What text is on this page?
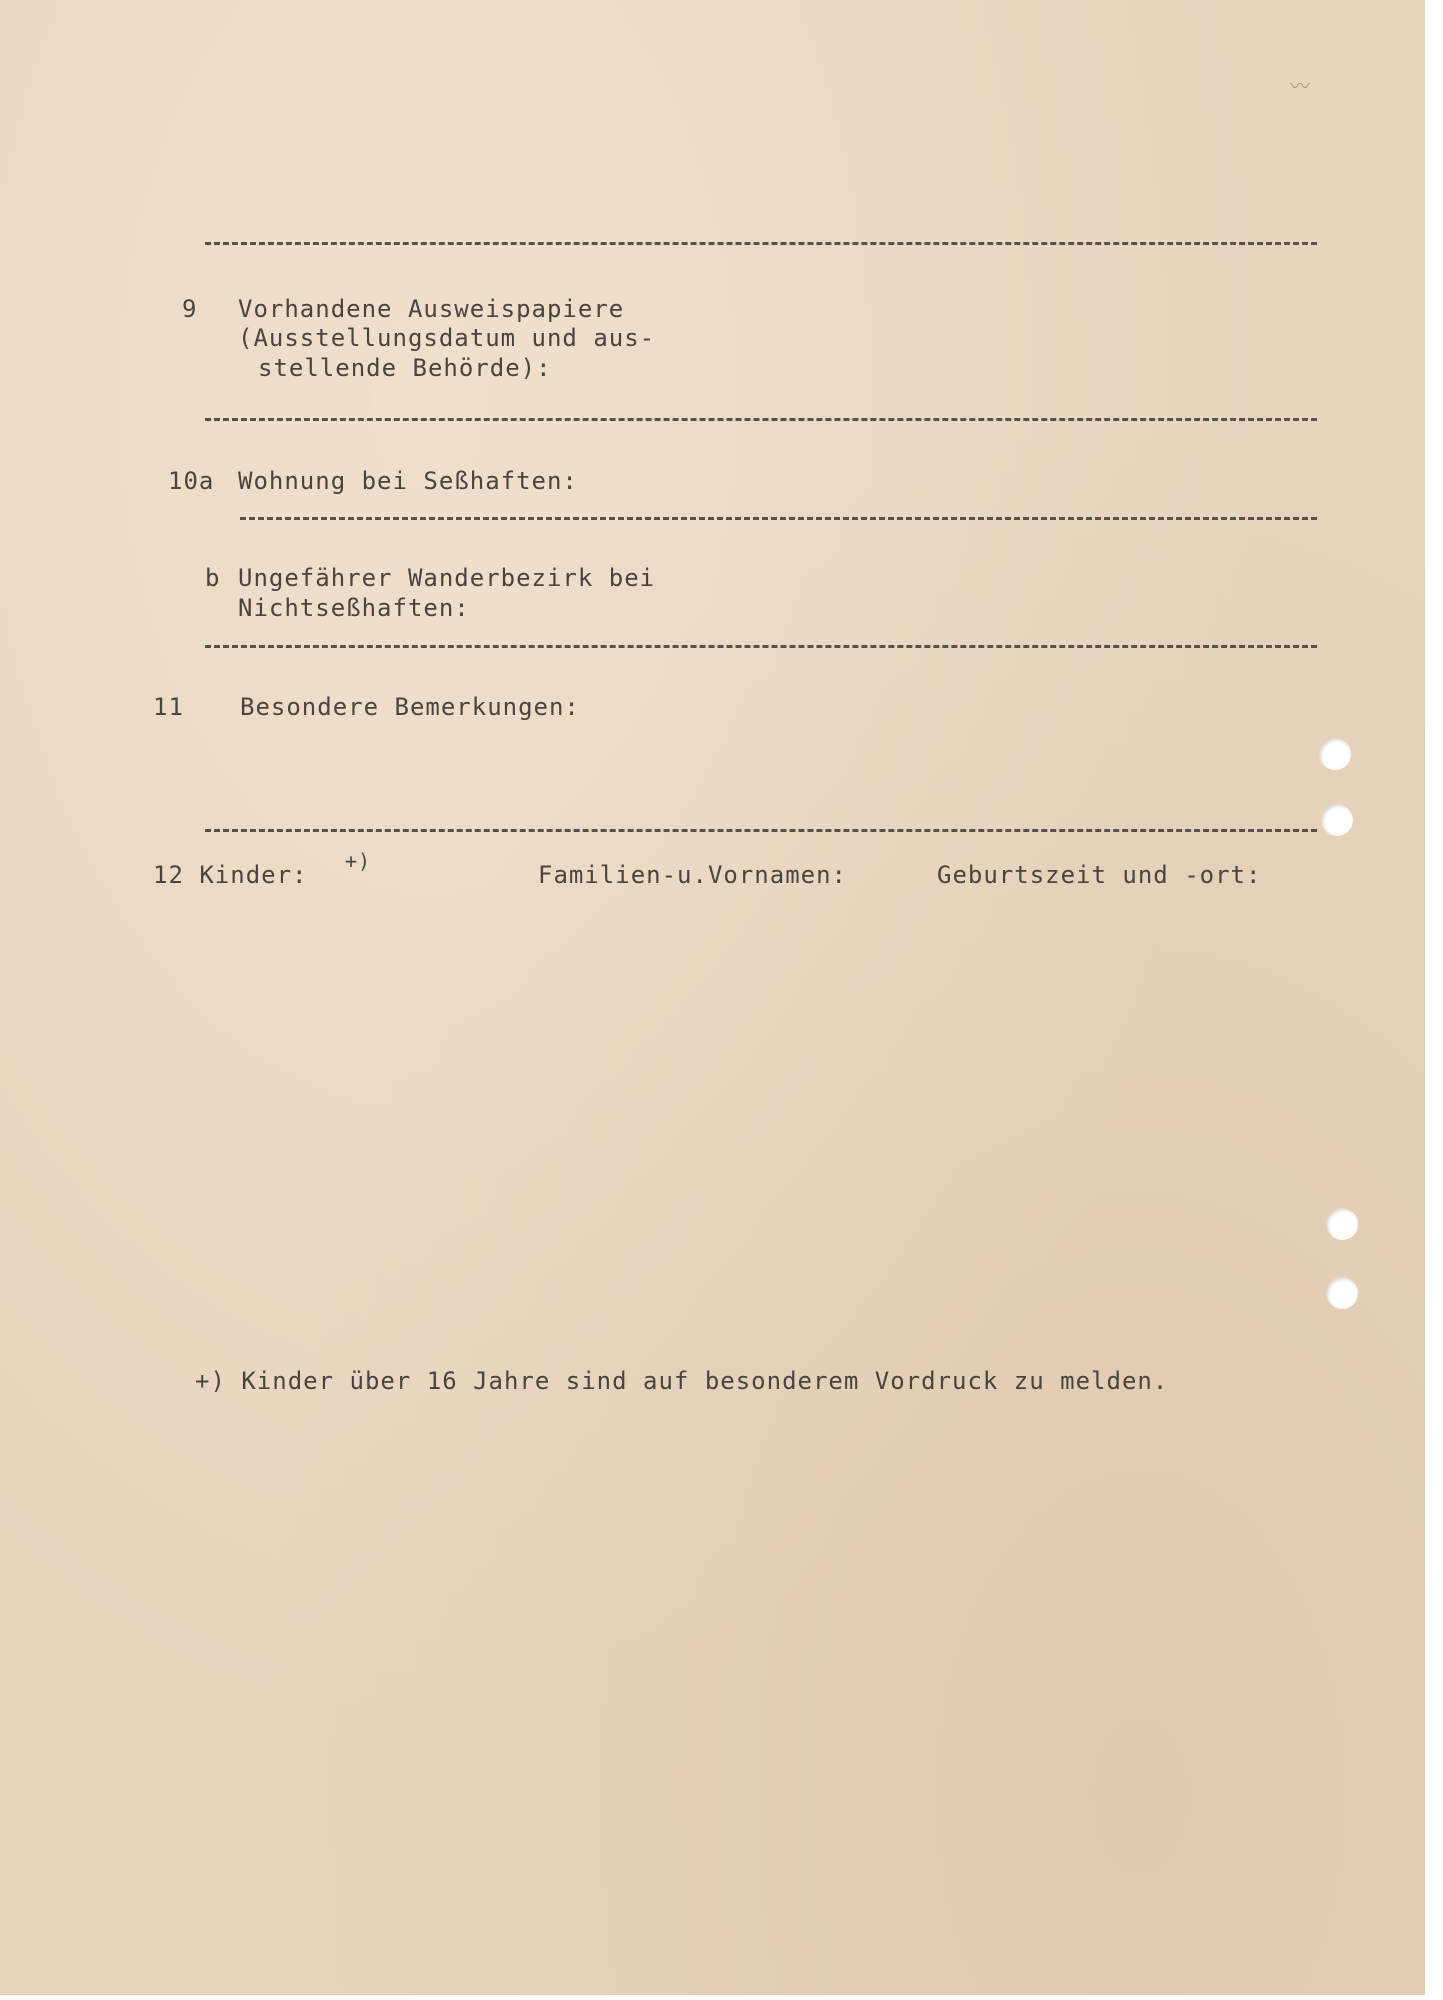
9 Vorhandene Ausweispapiere
(Ausstellungsdatum und aus-
stellende Behörde):
10a Wohnung bei Seßhaften:
b Ungefährer Wanderbezirk bei
Nichtseßhaften:
11 Besondere Bemerkungen:
12 Kinder: +)	Familien-u.Vornamen:	Geburtszeit und -ort:
+) Kinder über 16 Jahre sind auf besonderem Vordruck zu melden.
〰
